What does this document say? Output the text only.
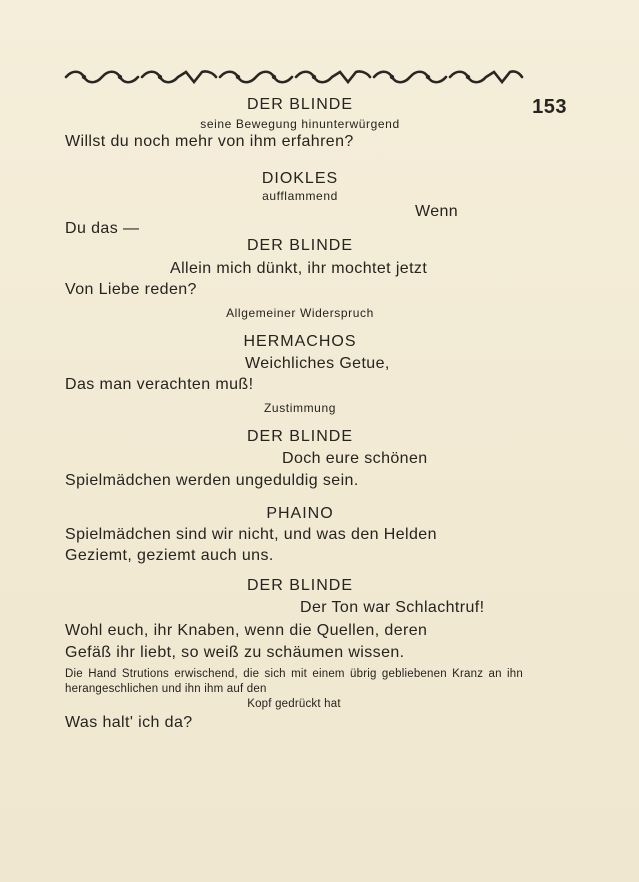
153
DER BLINDE
seine Bewegung hinunterwürgend
Willst du noch mehr von ihm erfahren?
DIOKLES
aufflammend
Wenn
Du das —
DER BLINDE
Allein mich dünkt, ihr mochtet jetzt
Von Liebe reden?
Allgemeiner Widerspruch
HERMACHOS
Weichliches Getue,
Das man verachten muß!
Zustimmung
DER BLINDE
Doch eure schönen
Spielmädchen werden ungeduldig sein.
PHAINO
Spielmädchen sind wir nicht, und was den Helden
Geziemt, geziemt auch uns.
DER BLINDE
Der Ton war Schlachtruf!
Wohl euch, ihr Knaben, wenn die Quellen, deren
Gefäß ihr liebt, so weiß zu schäumen wissen.
Die Hand Strutions erwischend, die sich mit einem übrig gebliebenen Kranz an ihn herangeschlichen und ihn ihm auf den
Kopf gedrückt hat
Was halt' ich da?
